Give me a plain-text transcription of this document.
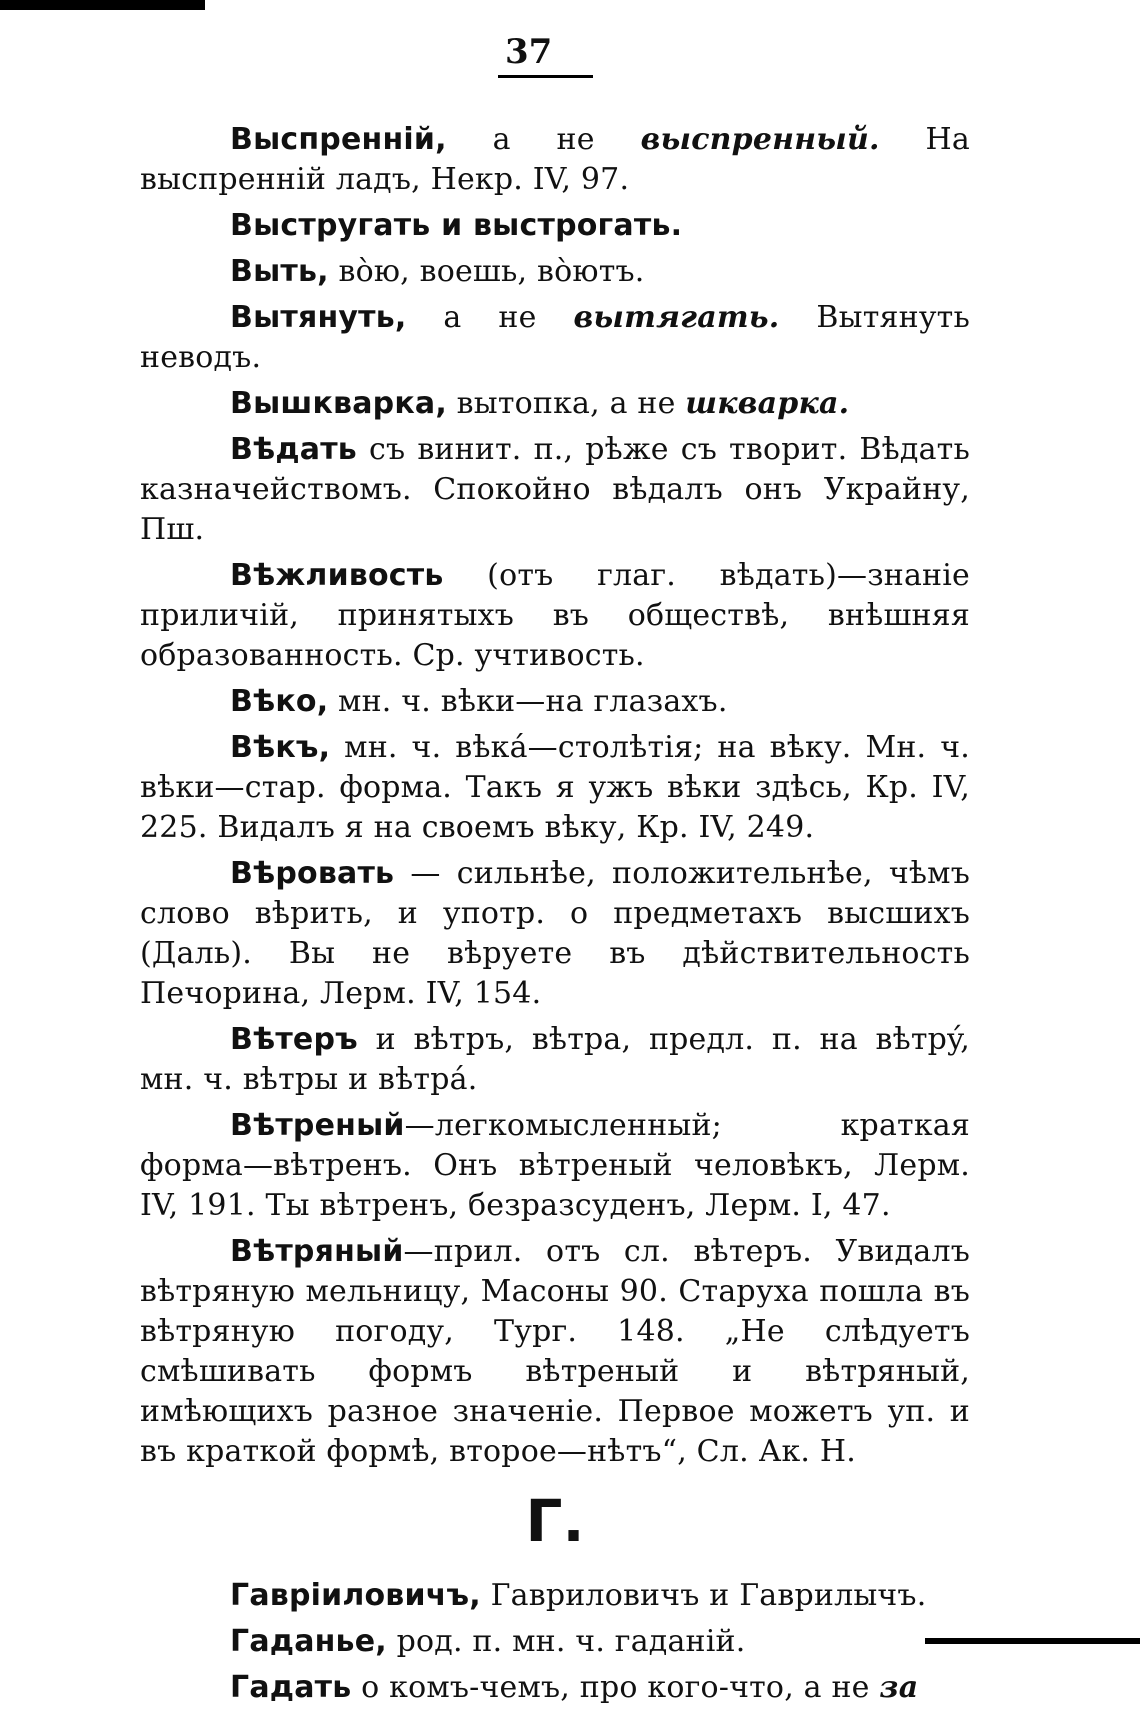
37

Выспренній, а не выспренный. На выспренній ладъ, Некр. IV, 97.

Выстругать и выстрогать.

Выть, вòю, воешь, вòютъ.

Вытянуть, а не вытягать. Вытянуть неводъ.

Вышкварка, вытопка, а не шкварка.

Вѣдать съ винит. п., рѣже съ творит. Вѣдать казначействомъ. Спокойно вѣдалъ онъ Украйну, Пш.

Вѣжливость (отъ глаг. вѣдать)—знаніе приличій, принятыхъ въ обществѣ, внѣшняя образованность. Ср. учтивость.

Вѣко, мн. ч. вѣки—на глазахъ.

Вѣкъ, мн. ч. вѣкá—столѣтія; на вѣку. Мн. ч. вѣки—стар. форма. Такъ я ужъ вѣки здѣсь, Кр. IV, 225. Видалъ я на своемъ вѣку, Кр. IV, 249.

Вѣровать — сильнѣе, положительнѣе, чѣмъ слово вѣрить, и употр. о предметахъ высшихъ (Даль). Вы не вѣруете въ дѣйствительность Печорина, Лерм. IV, 154.

Вѣтеръ и вѣтръ, вѣтра, предл. п. на вѣтрý, мн. ч. вѣтры и вѣтрá.

Вѣтреный—легкомысленный; краткая форма—вѣтренъ. Онъ вѣтреный человѣкъ, Лерм. IV, 191. Ты вѣтренъ, безразсуденъ, Лерм. I, 47.

Вѣтряный—прил. отъ сл. вѣтеръ. Увидалъ вѣтряную мельницу, Масоны 90. Старуха пошла въ вѣтряную погоду, Тург. 148. „Не слѣдуетъ смѣшивать формъ вѣтреный и вѣтряный, имѣющихъ разное значеніе. Первое можетъ уп. и въ краткой формѣ, второе—нѣтъ“, Сл. Ак. Н.

Г.

Гавріиловичъ, Гавриловичъ и Гаврилычъ.

Гаданье, род. п. мн. ч. гаданій.

Гадать о комъ-чемъ, про кого-что, а не за
